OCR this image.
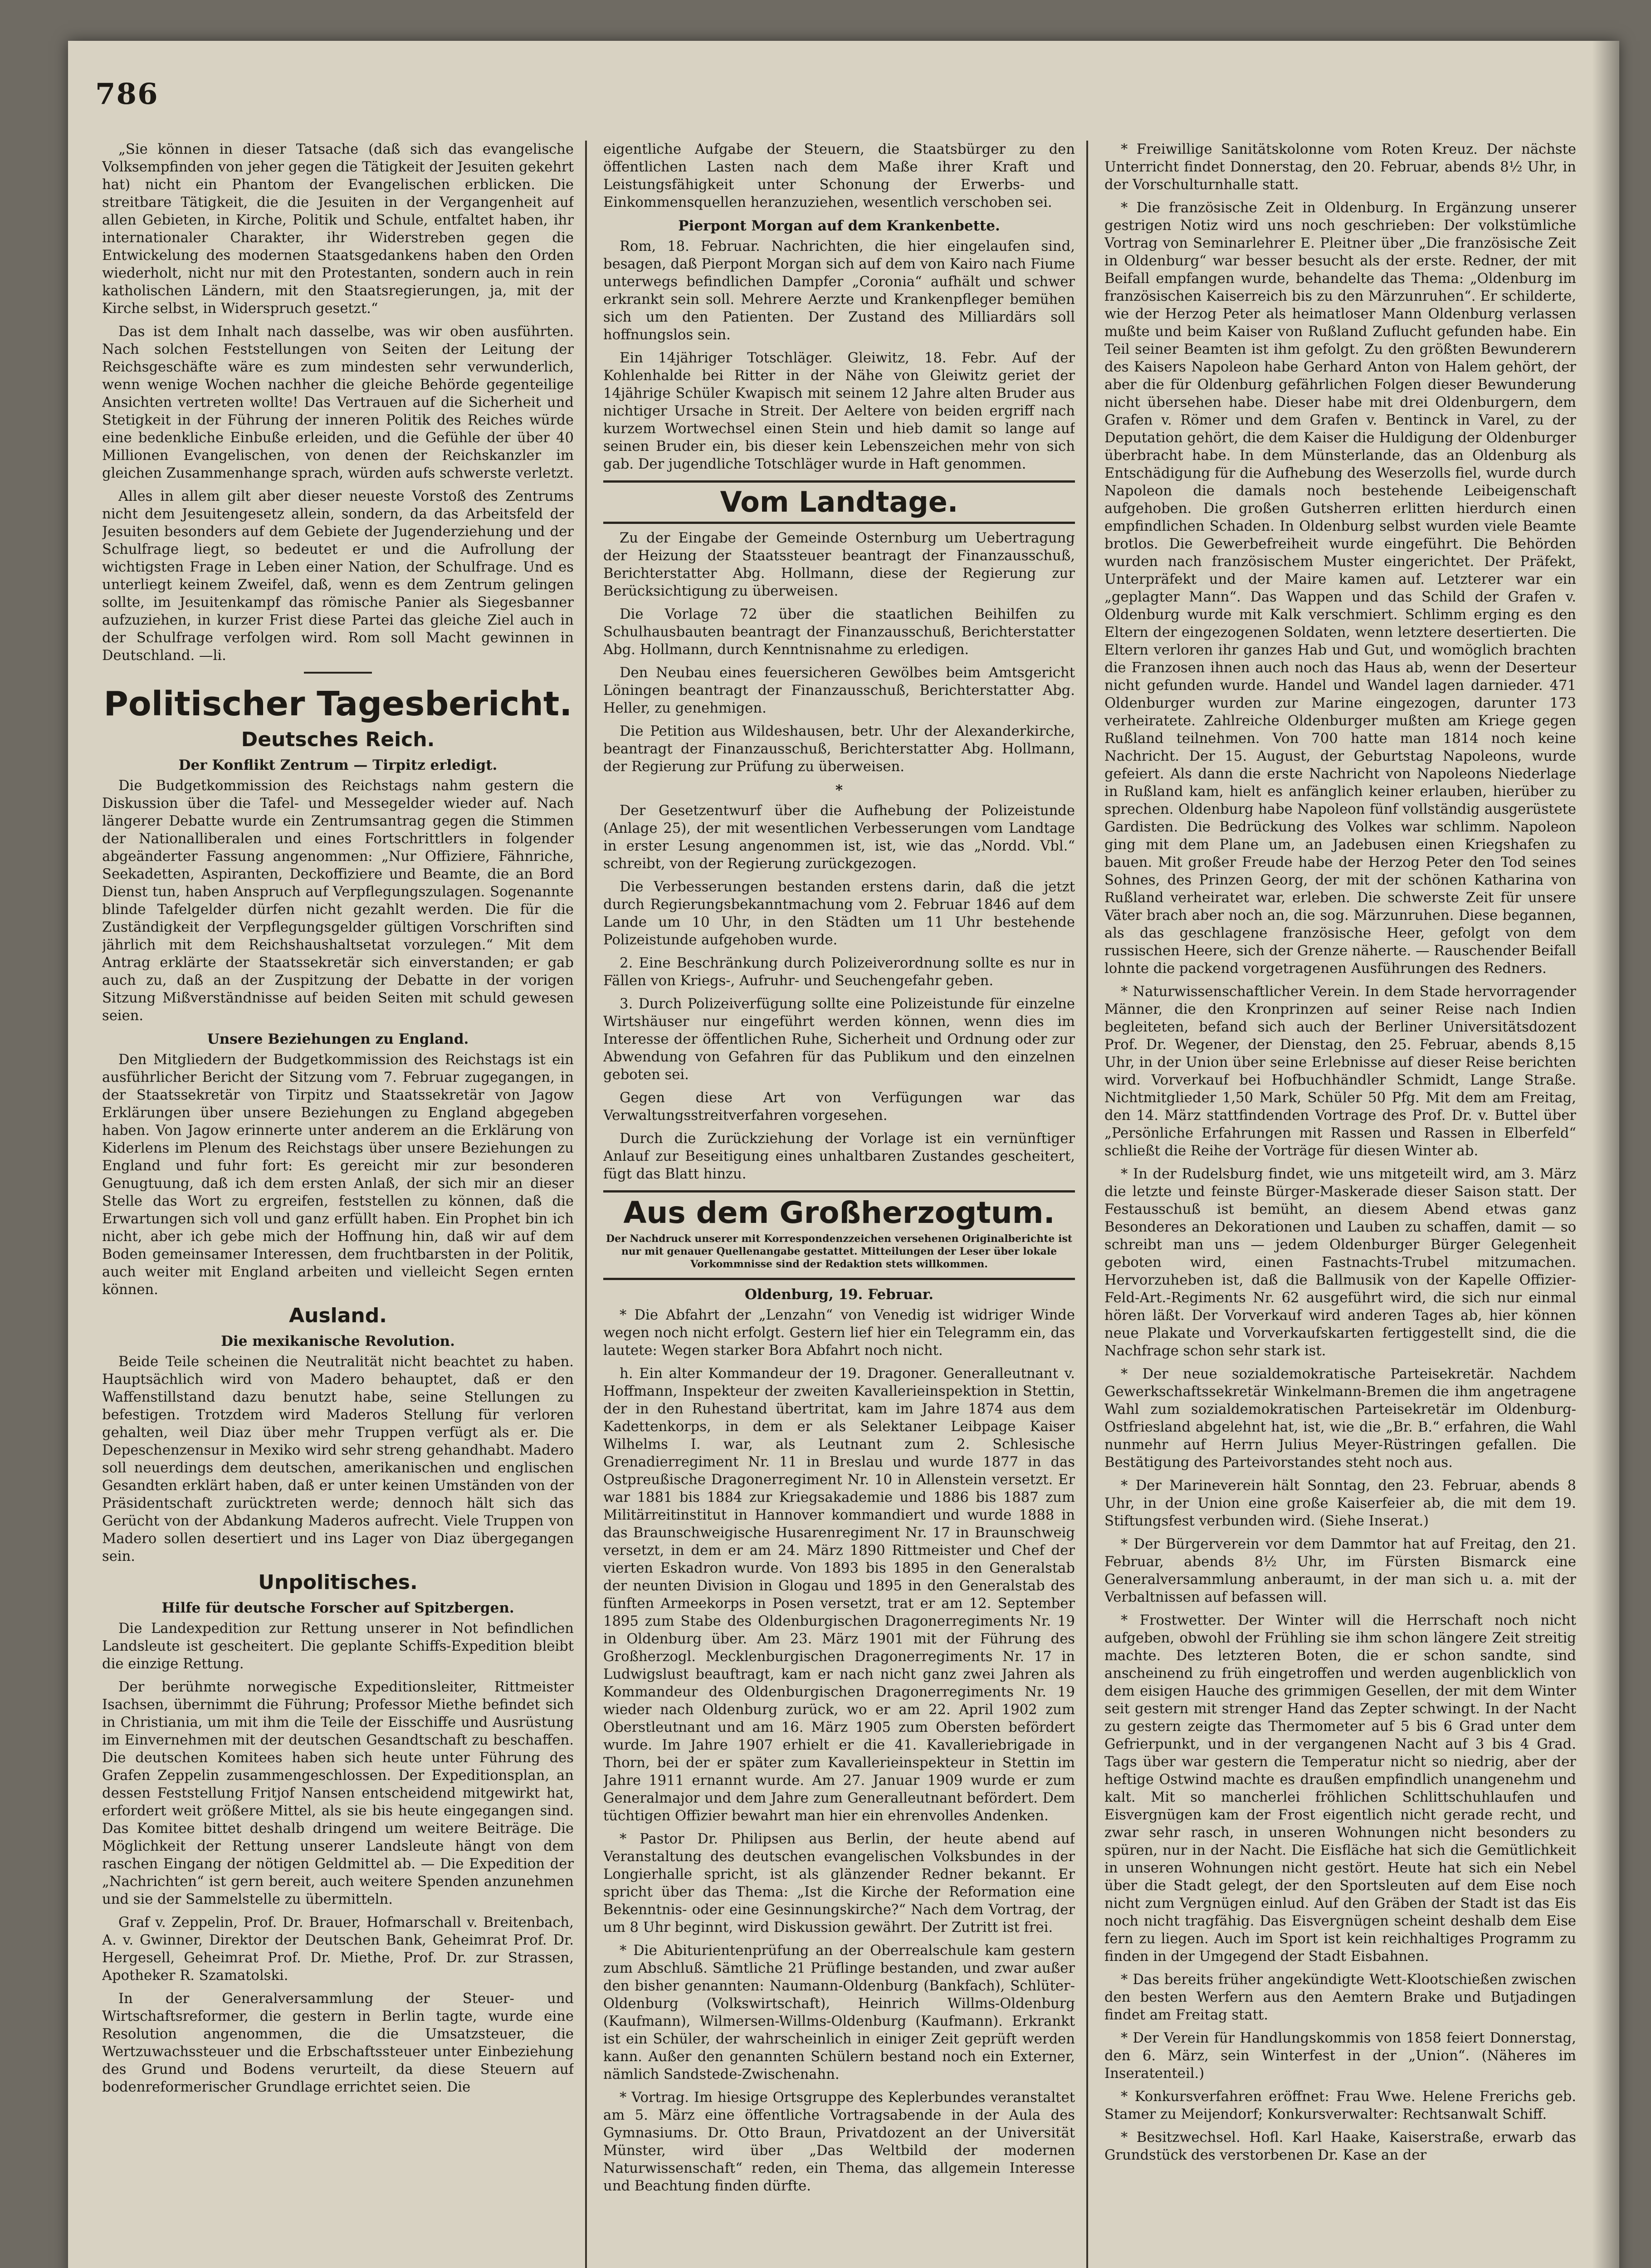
786

„Sie können in dieser Tatsache (daß sich das evangelische Volksempfinden von jeher gegen die Tätigkeit der Jesuiten gekehrt hat) nicht ein Phantom der Evangelischen erblicken. Die streitbare Tätigkeit, die die Jesuiten in der Vergangenheit auf allen Gebieten, in Kirche, Politik und Schule, entfaltet haben, ihr internationaler Charakter, ihr Widerstreben gegen die Entwickelung des modernen Staatsgedankens haben den Orden wiederholt, nicht nur mit den Protestanten, sondern auch in rein katholischen Ländern, mit den Staatsregierungen, ja, mit der Kirche selbst, in Widerspruch gesetzt.“

Das ist dem Inhalt nach dasselbe, was wir oben ausführten. Nach solchen Feststellungen von Seiten der Leitung der Reichsgeschäfte wäre es zum mindesten sehr verwunderlich, wenn wenige Wochen nachher die gleiche Behörde gegenteilige Ansichten vertreten wollte! Das Vertrauen auf die Sicherheit und Stetigkeit in der Führung der inneren Politik des Reiches würde eine bedenkliche Einbuße erleiden, und die Gefühle der über 40 Millionen Evangelischen, von denen der Reichskanzler im gleichen Zusammenhange sprach, würden aufs schwerste verletzt.

Alles in allem gilt aber dieser neueste Vorstoß des Zentrums nicht dem Jesuitengesetz allein, sondern, da das Arbeitsfeld der Jesuiten besonders auf dem Gebiete der Jugenderziehung und der Schulfrage liegt, so bedeutet er und die Aufrollung der wichtigsten Frage in Leben einer Nation, der Schulfrage. Und es unterliegt keinem Zweifel, daß, wenn es dem Zentrum gelingen sollte, im Jesuitenkampf das römische Panier als Siegesbanner aufzuziehen, in kurzer Frist diese Partei das gleiche Ziel auch in der Schulfrage verfolgen wird. Rom soll Macht gewinnen in Deutschland. —li.

Politischer Tagesbericht.
Deutsches Reich.
Der Konflikt Zentrum — Tirpitz erledigt.

Die Budgetkommission des Reichstags nahm gestern die Diskussion über die Tafel- und Messegelder wieder auf. Nach längerer Debatte wurde ein Zentrumsantrag gegen die Stimmen der Nationalliberalen und eines Fortschrittlers in folgender abgeänderter Fassung angenommen: „Nur Offiziere, Fähnriche, Seekadetten, Aspiranten, Deckoffiziere und Beamte, die an Bord Dienst tun, haben Anspruch auf Verpflegungszulagen. Sogenannte blinde Tafelgelder dürfen nicht gezahlt werden. Die für die Zuständigkeit der Verpflegungsgelder gültigen Vorschriften sind jährlich mit dem Reichshaushaltsetat vorzulegen.“ Mit dem Antrag erklärte der Staatssekretär sich einverstanden; er gab auch zu, daß an der Zuspitzung der Debatte in der vorigen Sitzung Mißverständnisse auf beiden Seiten mit schuld gewesen seien.

Unsere Beziehungen zu England.

Den Mitgliedern der Budgetkommission des Reichstags ist ein ausführlicher Bericht der Sitzung vom 7. Februar zugegangen, in der Staatssekretär von Tirpitz und Staatssekretär von Jagow Erklärungen über unsere Beziehungen zu England abgegeben haben. Von Jagow erinnerte unter anderem an die Erklärung von Kiderlens im Plenum des Reichstags über unsere Beziehungen zu England und fuhr fort: Es gereicht mir zur besonderen Genugtuung, daß ich dem ersten Anlaß, der sich mir an dieser Stelle das Wort zu ergreifen, feststellen zu können, daß die Erwartungen sich voll und ganz erfüllt haben. Ein Prophet bin ich nicht, aber ich gebe mich der Hoffnung hin, daß wir auf dem Boden gemeinsamer Interessen, dem fruchtbarsten in der Politik, auch weiter mit England arbeiten und vielleicht Segen ernten können.

Ausland.
Die mexikanische Revolution.

Beide Teile scheinen die Neutralität nicht beachtet zu haben. Hauptsächlich wird von Madero behauptet, daß er den Waffenstillstand dazu benutzt habe, seine Stellungen zu befestigen. Trotzdem wird Maderos Stellung für verloren gehalten, weil Diaz über mehr Truppen verfügt als er. Die Depeschenzensur in Mexiko wird sehr streng gehandhabt. Madero soll neuerdings dem deutschen, amerikanischen und englischen Gesandten erklärt haben, daß er unter keinen Umständen von der Präsidentschaft zurücktreten werde; dennoch hält sich das Gerücht von der Abdankung Maderos aufrecht. Viele Truppen von Madero sollen desertiert und ins Lager von Diaz übergegangen sein.

Unpolitisches.
Hilfe für deutsche Forscher auf Spitzbergen.

Die Landexpedition zur Rettung unserer in Not befindlichen Landsleute ist gescheitert. Die geplante Schiffs-Expedition bleibt die einzige Rettung.

Der berühmte norwegische Expeditionsleiter, Rittmeister Isachsen, übernimmt die Führung; Professor Miethe befindet sich in Christiania, um mit ihm die Teile der Eisschiffe und Ausrüstung im Einvernehmen mit der deutschen Gesandtschaft zu beschaffen. Die deutschen Komitees haben sich heute unter Führung des Grafen Zeppelin zusammengeschlossen. Der Expeditionsplan, an dessen Feststellung Fritjof Nansen entscheidend mitgewirkt hat, erfordert weit größere Mittel, als sie bis heute eingegangen sind. Das Komitee bittet deshalb dringend um weitere Beiträge. Die Möglichkeit der Rettung unserer Landsleute hängt von dem raschen Eingang der nötigen Geldmittel ab. — Die Expedition der „Nachrichten“ ist gern bereit, auch weitere Spenden anzunehmen und sie der Sammelstelle zu übermitteln.

Graf v. Zeppelin, Prof. Dr. Brauer, Hofmarschall v. Breitenbach, A. v. Gwinner, Direktor der Deutschen Bank, Geheimrat Prof. Dr. Hergesell, Geheimrat Prof. Dr. Miethe, Prof. Dr. zur Strassen, Apotheker R. Szamatolski.

In der Generalversammlung der Steuer- und Wirtschaftsreformer, die gestern in Berlin tagte, wurde eine Resolution angenommen, die die Umsatzsteuer, die Wertzuwachssteuer und die Erbschaftssteuer unter Einbeziehung des Grund und Bodens verurteilt, da diese Steuern auf bodenreformerischer Grundlage errichtet seien. Die

eigentliche Aufgabe der Steuern, die Staatsbürger zu den öffentlichen Lasten nach dem Maße ihrer Kraft und Leistungsfähigkeit unter Schonung der Erwerbs- und Einkommensquellen heranzuziehen, wesentlich verschoben sei.

Pierpont Morgan auf dem Krankenbette.

Rom, 18. Februar. Nachrichten, die hier eingelaufen sind, besagen, daß Pierpont Morgan sich auf dem von Kairo nach Fiume unterwegs befindlichen Dampfer „Coronia“ aufhält und schwer erkrankt sein soll. Mehrere Aerzte und Krankenpfleger bemühen sich um den Patienten. Der Zustand des Milliardärs soll hoffnungslos sein.

Ein 14jähriger Totschläger. Gleiwitz, 18. Febr. Auf der Kohlenhalde bei Ritter in der Nähe von Gleiwitz geriet der 14jährige Schüler Kwapisch mit seinem 12 Jahre alten Bruder aus nichtiger Ursache in Streit. Der Aeltere von beiden ergriff nach kurzem Wortwechsel einen Stein und hieb damit so lange auf seinen Bruder ein, bis dieser kein Lebenszeichen mehr von sich gab. Der jugendliche Totschläger wurde in Haft genommen.

Vom Landtage.

Zu der Eingabe der Gemeinde Osternburg um Uebertragung der Heizung der Staatssteuer beantragt der Finanzausschuß, Berichterstatter Abg. Hollmann, diese der Regierung zur Berücksichtigung zu überweisen.

Die Vorlage 72 über die staatlichen Beihilfen zu Schulhausbauten beantragt der Finanzausschuß, Berichterstatter Abg. Hollmann, durch Kenntnisnahme zu erledigen.

Den Neubau eines feuersicheren Gewölbes beim Amtsgericht Löningen beantragt der Finanzausschuß, Berichterstatter Abg. Heller, zu genehmigen.

Die Petition aus Wildeshausen, betr. Uhr der Alexanderkirche, beantragt der Finanzausschuß, Berichterstatter Abg. Hollmann, der Regierung zur Prüfung zu überweisen.

*

Der Gesetzentwurf über die Aufhebung der Polizeistunde (Anlage 25), der mit wesentlichen Verbesserungen vom Landtage in erster Lesung angenommen ist, ist, wie das „Nordd. Vbl.“ schreibt, von der Regierung zurückgezogen.

Die Verbesserungen bestanden erstens darin, daß die jetzt durch Regierungsbekanntmachung vom 2. Februar 1846 auf dem Lande um 10 Uhr, in den Städten um 11 Uhr bestehende Polizeistunde aufgehoben wurde.

2. Eine Beschränkung durch Polizeiverordnung sollte es nur in Fällen von Kriegs-, Aufruhr- und Seuchengefahr geben.

3. Durch Polizeiverfügung sollte eine Polizeistunde für einzelne Wirtshäuser nur eingeführt werden können, wenn dies im Interesse der öffentlichen Ruhe, Sicherheit und Ordnung oder zur Abwendung von Gefahren für das Publikum und den einzelnen geboten sei.

Gegen diese Art von Verfügungen war das Verwaltungsstreitverfahren vorgesehen.

Durch die Zurückziehung der Vorlage ist ein vernünftiger Anlauf zur Beseitigung eines unhaltbaren Zustandes gescheitert, fügt das Blatt hinzu.

Aus dem Großherzogtum.
Der Nachdruck unserer mit Korrespondenzzeichen versehenen Originalberichte ist nur mit genauer Quellenangabe gestattet. Mitteilungen der Leser über lokale Vorkommnisse sind der Redaktion stets willkommen.
Oldenburg, 19. Februar.

* Die Abfahrt der „Lenzahn“ von Venedig ist widriger Winde wegen noch nicht erfolgt. Gestern lief hier ein Telegramm ein, das lautete: Wegen starker Bora Abfahrt noch nicht.

h. Ein alter Kommandeur der 19. Dragoner. Generalleutnant v. Hoffmann, Inspekteur der zweiten Kavallerieinspektion in Stettin, der in den Ruhestand übertritat, kam im Jahre 1874 aus dem Kadettenkorps, in dem er als Selektaner Leibpage Kaiser Wilhelms I. war, als Leutnant zum 2. Schlesische Grenadierregiment Nr. 11 in Breslau und wurde 1877 in das Ostpreußische Dragonerregiment Nr. 10 in Allenstein versetzt. Er war 1881 bis 1884 zur Kriegsakademie und 1886 bis 1887 zum Militärreitinstitut in Hannover kommandiert und wurde 1888 in das Braunschweigische Husarenregiment Nr. 17 in Braunschweig versetzt, in dem er am 24. März 1890 Rittmeister und Chef der vierten Eskadron wurde. Von 1893 bis 1895 in den Generalstab der neunten Division in Glogau und 1895 in den Generalstab des fünften Armeekorps in Posen versetzt, trat er am 12. September 1895 zum Stabe des Oldenburgischen Dragonerregiments Nr. 19 in Oldenburg über. Am 23. März 1901 mit der Führung des Großherzogl. Mecklenburgischen Dragonerregiments Nr. 17 in Ludwigslust beauftragt, kam er nach nicht ganz zwei Jahren als Kommandeur des Oldenburgischen Dragonerregiments Nr. 19 wieder nach Oldenburg zurück, wo er am 22. April 1902 zum Oberstleutnant und am 16. März 1905 zum Obersten befördert wurde. Im Jahre 1907 erhielt er die 41. Kavalleriebrigade in Thorn, bei der er später zum Kavallerieinspekteur in Stettin im Jahre 1911 ernannt wurde. Am 27. Januar 1909 wurde er zum Generalmajor und dem Jahre zum Generalleutnant befördert. Dem tüchtigen Offizier bewahrt man hier ein ehrenvolles Andenken.

* Pastor Dr. Philipsen aus Berlin, der heute abend auf Veranstaltung des deutschen evangelischen Volksbundes in der Longierhalle spricht, ist als glänzender Redner bekannt. Er spricht über das Thema: „Ist die Kirche der Reformation eine Bekenntnis- oder eine Gesinnungskirche?“ Nach dem Vortrag, der um 8 Uhr beginnt, wird Diskussion gewährt. Der Zutritt ist frei.

* Die Abiturientenprüfung an der Oberrealschule kam gestern zum Abschluß. Sämtliche 21 Prüflinge bestanden, und zwar außer den bisher genannten: Naumann-Oldenburg (Bankfach), Schlüter-Oldenburg (Volkswirtschaft), Heinrich Willms-Oldenburg (Kaufmann), Wilmersen-Willms-Oldenburg (Kaufmann). Erkrankt ist ein Schüler, der wahrscheinlich in einiger Zeit geprüft werden kann. Außer den genannten Schülern bestand noch ein Externer, nämlich Sandstede-Zwischenahn.

* Vortrag. Im hiesige Ortsgruppe des Keplerbundes veranstaltet am 5. März eine öffentliche Vortragsabende in der Aula des Gymnasiums. Dr. Otto Braun, Privatdozent an der Universität Münster, wird über „Das Weltbild der modernen Naturwissenschaft“ reden, ein Thema, das allgemein Interesse und Beachtung finden dürfte.

* Freiwillige Sanitätskolonne vom Roten Kreuz. Der nächste Unterricht findet Donnerstag, den 20. Februar, abends 8½ Uhr, in der Vorschulturnhalle statt.

* Die französische Zeit in Oldenburg. In Ergänzung unserer gestrigen Notiz wird uns noch geschrieben: Der volkstümliche Vortrag von Seminarlehrer E. Pleitner über „Die französische Zeit in Oldenburg“ war besser besucht als der erste. Redner, der mit Beifall empfangen wurde, behandelte das Thema: „Oldenburg im französischen Kaiserreich bis zu den Märzunruhen“. Er schilderte, wie der Herzog Peter als heimatloser Mann Oldenburg verlassen mußte und beim Kaiser von Rußland Zuflucht gefunden habe. Ein Teil seiner Beamten ist ihm gefolgt. Zu den größten Bewunderern des Kaisers Napoleon habe Gerhard Anton von Halem gehört, der aber die für Oldenburg gefährlichen Folgen dieser Bewunderung nicht übersehen habe. Dieser habe mit drei Oldenburgern, dem Grafen v. Römer und dem Grafen v. Bentinck in Varel, zu der Deputation gehört, die dem Kaiser die Huldigung der Oldenburger überbracht habe. In dem Münsterlande, das an Oldenburg als Entschädigung für die Aufhebung des Weserzolls fiel, wurde durch Napoleon die damals noch bestehende Leibeigenschaft aufgehoben. Die großen Gutsherren erlitten hierdurch einen empfindlichen Schaden. In Oldenburg selbst wurden viele Beamte brotlos. Die Gewerbefreiheit wurde eingeführt. Die Behörden wurden nach französischem Muster eingerichtet. Der Präfekt, Unterpräfekt und der Maire kamen auf. Letzterer war ein „geplagter Mann“. Das Wappen und das Schild der Grafen v. Oldenburg wurde mit Kalk verschmiert. Schlimm erging es den Eltern der eingezogenen Soldaten, wenn letztere desertierten. Die Eltern verloren ihr ganzes Hab und Gut, und womöglich brachten die Franzosen ihnen auch noch das Haus ab, wenn der Deserteur nicht gefunden wurde. Handel und Wandel lagen darnieder. 471 Oldenburger wurden zur Marine eingezogen, darunter 173 verheiratete. Zahlreiche Oldenburger mußten am Kriege gegen Rußland teilnehmen. Von 700 hatte man 1814 noch keine Nachricht. Der 15. August, der Geburtstag Napoleons, wurde gefeiert. Als dann die erste Nachricht von Napoleons Niederlage in Rußland kam, hielt es anfänglich keiner erlauben, hierüber zu sprechen. Oldenburg habe Napoleon fünf vollständig ausgerüstete Gardisten. Die Bedrückung des Volkes war schlimm. Napoleon ging mit dem Plane um, an Jadebusen einen Kriegshafen zu bauen. Mit großer Freude habe der Herzog Peter den Tod seines Sohnes, des Prinzen Georg, der mit der schönen Katharina von Rußland verheiratet war, erleben. Die schwerste Zeit für unsere Väter brach aber noch an, die sog. Märzunruhen. Diese begannen, als das geschlagene französische Heer, gefolgt von dem russischen Heere, sich der Grenze näherte. — Rauschender Beifall lohnte die packend vorgetragenen Ausführungen des Redners.

* Naturwissenschaftlicher Verein. In dem Stade hervorragender Männer, die den Kronprinzen auf seiner Reise nach Indien begleiteten, befand sich auch der Berliner Universitätsdozent Prof. Dr. Wegener, der Dienstag, den 25. Februar, abends 8,15 Uhr, in der Union über seine Erlebnisse auf dieser Reise berichten wird. Vorverkauf bei Hofbuchhändler Schmidt, Lange Straße. Nichtmitglieder 1,50 Mark, Schüler 50 Pfg. Mit dem am Freitag, den 14. März stattfindenden Vortrage des Prof. Dr. v. Buttel über „Persönliche Erfahrungen mit Rassen und Rassen in Elberfeld“ schließt die Reihe der Vorträge für diesen Winter ab.

* In der Rudelsburg findet, wie uns mitgeteilt wird, am 3. März die letzte und feinste Bürger-Maskerade dieser Saison statt. Der Festausschuß ist bemüht, an diesem Abend etwas ganz Besonderes an Dekorationen und Lauben zu schaffen, damit — so schreibt man uns — jedem Oldenburger Bürger Gelegenheit geboten wird, einen Fastnachts-Trubel mitzumachen. Hervorzuheben ist, daß die Ballmusik von der Kapelle Offizier-Feld-Art.-Regiments Nr. 62 ausgeführt wird, die sich nur einmal hören läßt. Der Vorverkauf wird anderen Tages ab, hier können neue Plakate und Vorverkaufskarten fertiggestellt sind, die die Nachfrage schon sehr stark ist.

* Der neue sozialdemokratische Parteisekretär. Nachdem Gewerkschaftssekretär Winkelmann-Bremen die ihm angetragene Wahl zum sozialdemokratischen Parteisekretär im Oldenburg-Ostfriesland abgelehnt hat, ist, wie die „Br. B.“ erfahren, die Wahl nunmehr auf Herrn Julius Meyer-Rüstringen gefallen. Die Bestätigung des Parteivorstandes steht noch aus.

* Der Marineverein hält Sonntag, den 23. Februar, abends 8 Uhr, in der Union eine große Kaiserfeier ab, die mit dem 19. Stiftungsfest verbunden wird. (Siehe Inserat.)

* Der Bürgerverein vor dem Dammtor hat auf Freitag, den 21. Februar, abends 8½ Uhr, im Fürsten Bismarck eine Generalversammlung anberaumt, in der man sich u. a. mit der Verbaltnissen auf befassen will.

* Frostwetter. Der Winter will die Herrschaft noch nicht aufgeben, obwohl der Frühling sie ihm schon längere Zeit streitig machte. Des letzteren Boten, die er schon sandte, sind anscheinend zu früh eingetroffen und werden augenblicklich von dem eisigen Hauche des grimmigen Gesellen, der mit dem Winter seit gestern mit strenger Hand das Zepter schwingt. In der Nacht zu gestern zeigte das Thermometer auf 5 bis 6 Grad unter dem Gefrierpunkt, und in der vergangenen Nacht auf 3 bis 4 Grad. Tags über war gestern die Temperatur nicht so niedrig, aber der heftige Ostwind machte es draußen empfindlich unangenehm und kalt. Mit so mancherlei fröhlichen Schlittschuhlaufen und Eisvergnügen kam der Frost eigentlich nicht gerade recht, und zwar sehr rasch, in unseren Wohnungen nicht besonders zu spüren, nur in der Nacht. Die Eisfläche hat sich die Gemütlichkeit in unseren Wohnungen nicht gestört. Heute hat sich ein Nebel über die Stadt gelegt, der den Sportsleuten auf dem Eise noch nicht zum Vergnügen einlud. Auf den Gräben der Stadt ist das Eis noch nicht tragfähig. Das Eisvergnügen scheint deshalb dem Eise fern zu liegen. Auch im Sport ist kein reichhaltiges Programm zu finden in der Umgegend der Stadt Eisbahnen.

* Das bereits früher angekündigte Wett-Klootschießen zwischen den besten Werfern aus den Aemtern Brake und Butjadingen findet am Freitag statt.

* Der Verein für Handlungskommis von 1858 feiert Donnerstag, den 6. März, sein Winterfest in der „Union“. (Näheres im Inseratenteil.)

* Konkursverfahren eröffnet: Frau Wwe. Helene Frerichs geb. Stamer zu Meijendorf; Konkursverwalter: Rechtsanwalt Schiff.

* Besitzwechsel. Hofl. Karl Haake, Kaiserstraße, erwarb das Grundstück des verstorbenen Dr. Kase an der
